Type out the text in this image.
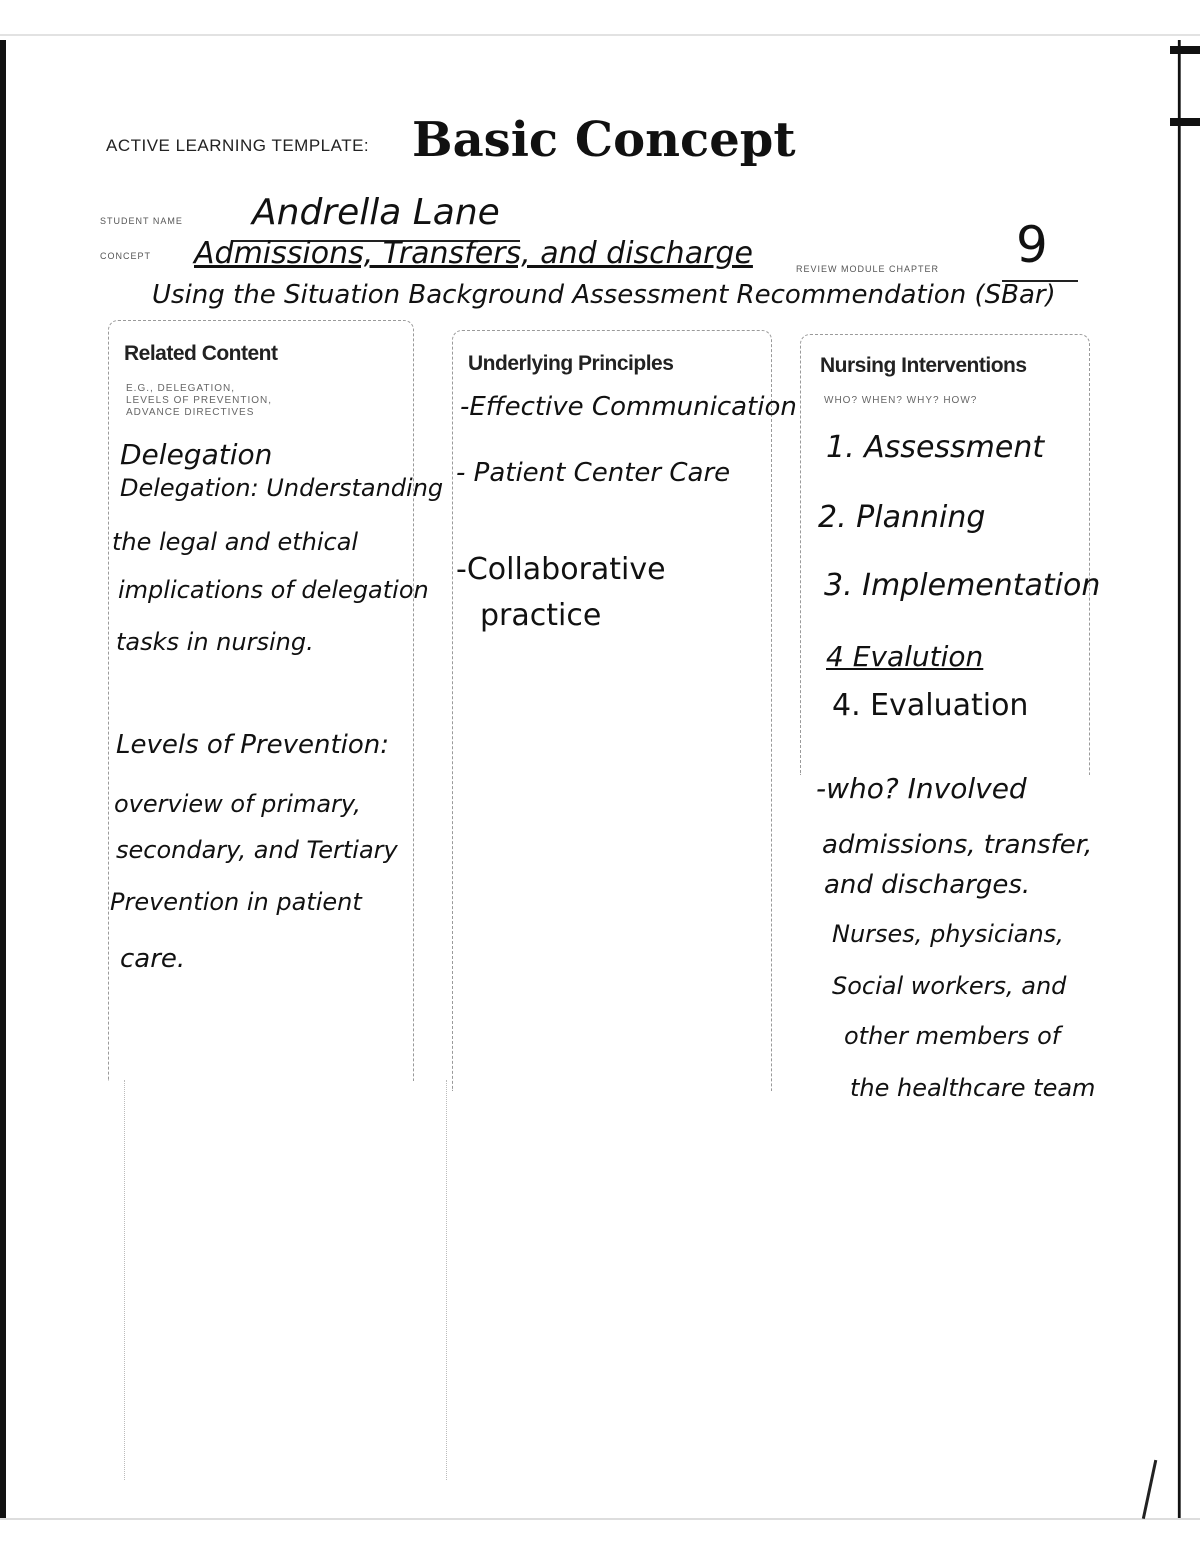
ACTIVE LEARNING TEMPLATE: Basic Concept
STUDENT NAME Andrella Lane
CONCEPT Admissions, Transfers, and discharge	REVIEW MODULE CHAPTER 9
Using the Situation Background Assessment Recommendation (SBar)
Related Content
E.G., DELEGATION,
LEVELS OF PREVENTION,
ADVANCE DIRECTIVES
Delegation
Delegation: Understanding
the legal and ethical
implications of delegation
tasks in nursing.
Levels of Prevention:
overview of primary,
secondary, and Tertiary
Prevention in patient
care.
Underlying Principles
-Effective Communication
- Patient Center Care
-Collaborative
practice
Nursing Interventions
WHO? WHEN? WHY? HOW?
1. Assessment
2. Planning
3. Implementation
4 Evalution
4. Evaluation
-who? Involved
admissions, transfer,
and discharges.
Nurses, physicians,
Social workers, and
other members of
the healthcare team
